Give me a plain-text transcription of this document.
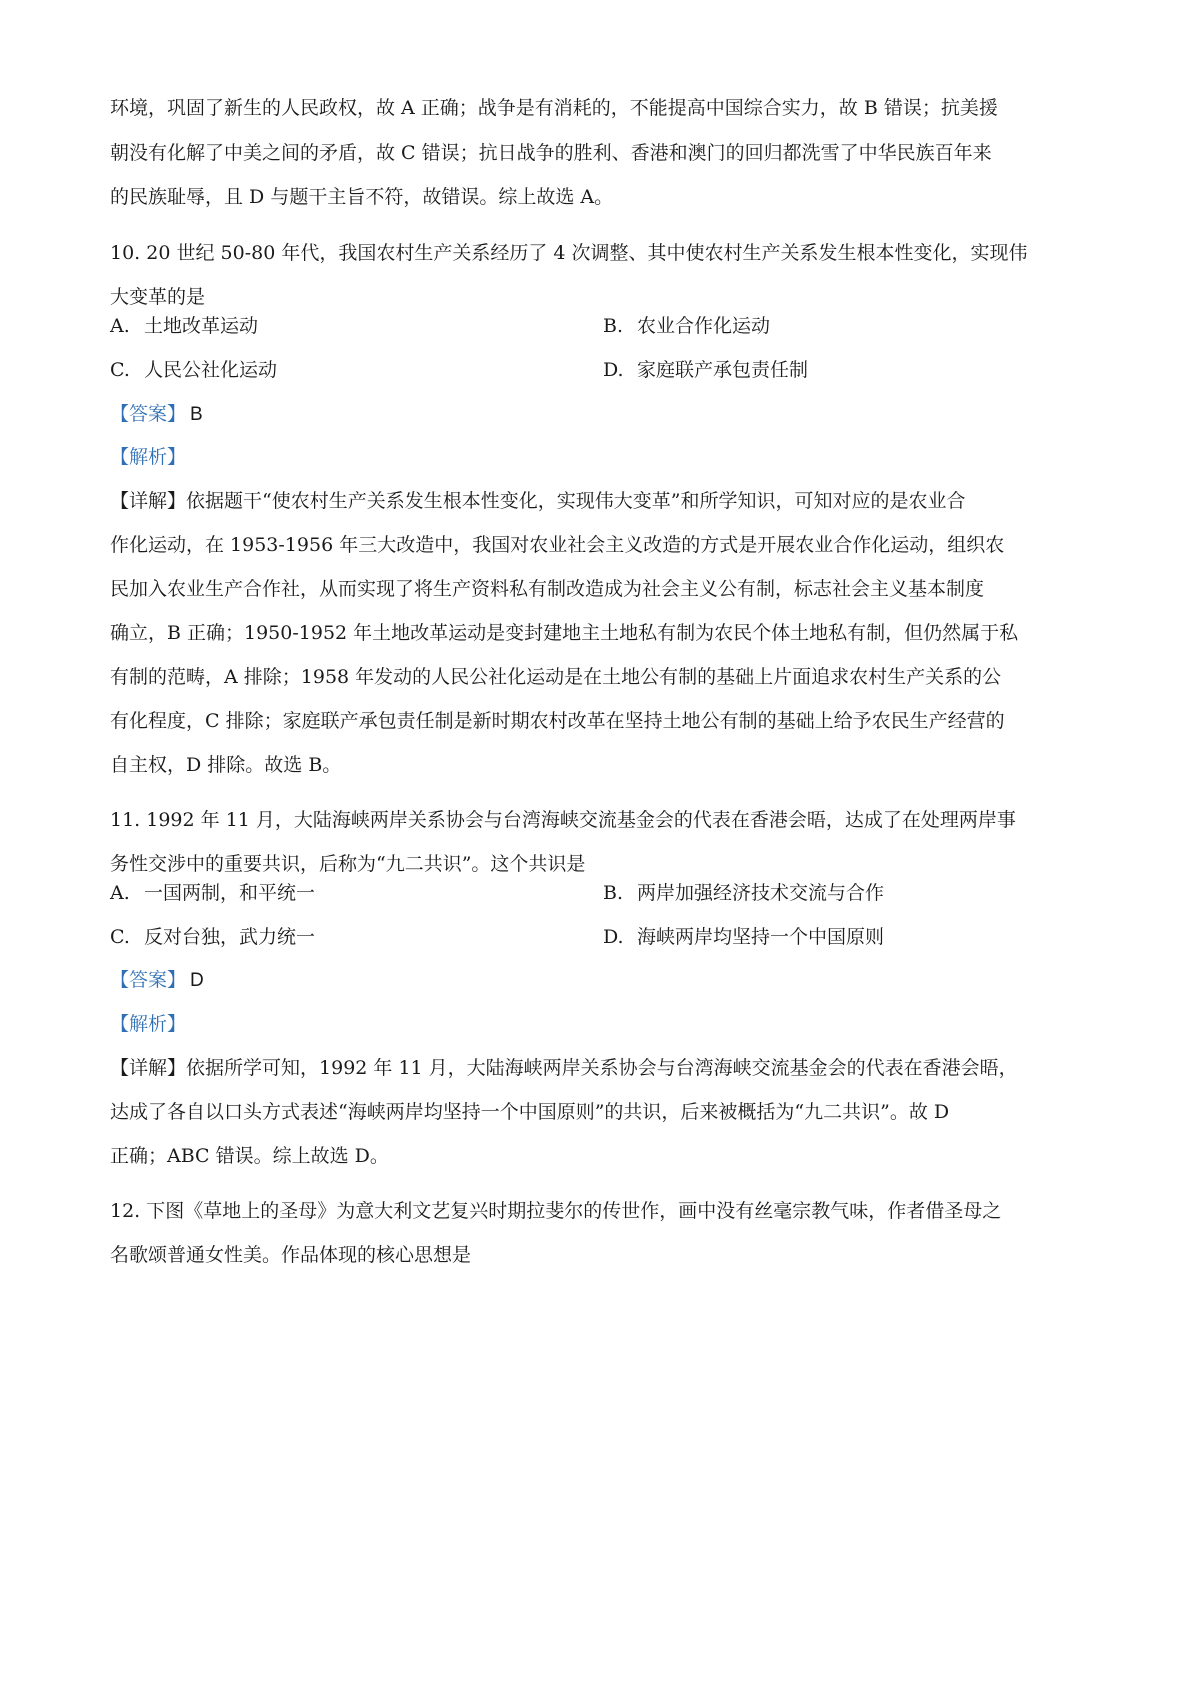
环境，巩固了新生的人民政权，故 A 正确；战争是有消耗的，不能提高中国综合实力，故 B 错误；抗美援
朝没有化解了中美之间的矛盾，故 C 错误；抗日战争的胜利、香港和澳门的回归都洗雪了中华民族百年来
的民族耻辱，且 D 与题干主旨不符，故错误。综上故选 A。
10. 20 世纪 50-80 年代，我国农村生产关系经历了 4 次调整、其中使农村生产关系发生根本性变化，实现伟
大变革的是
A. 土地改革运动	B. 农业合作化运动
C. 人民公社化运动	D. 家庭联产承包责任制
【答案】 B
【解析】
【详解】依据题干“使农村生产关系发生根本性变化，实现伟大变革”和所学知识，可知对应的是农业合
作化运动，在 1953-1956 年三大改造中，我国对农业社会主义改造的方式是开展农业合作化运动，组织农
民加入农业生产合作社，从而实现了将生产资料私有制改造成为社会主义公有制，标志社会主义基本制度
确立，B 正确；1950-1952 年土地改革运动是变封建地主土地私有制为农民个体土地私有制，但仍然属于私
有制的范畴，A 排除；1958 年发动的人民公社化运动是在土地公有制的基础上片面追求农村生产关系的公
有化程度，C 排除；家庭联产承包责任制是新时期农村改革在坚持土地公有制的基础上给予农民生产经营的
自主权，D 排除。故选 B。
11. 1992 年 11 月，大陆海峡两岸关系协会与台湾海峡交流基金会的代表在香港会晤，达成了在处理两岸事
务性交涉中的重要共识，后称为“九二共识”。这个共识是
A. 一国两制，和平统一	B. 两岸加强经济技术交流与合作
C. 反对台独，武力统一	D. 海峡两岸均坚持一个中国原则
【答案】 D
【解析】
【详解】依据所学可知，1992 年 11 月，大陆海峡两岸关系协会与台湾海峡交流基金会的代表在香港会晤，
达成了各自以口头方式表述“海峡两岸均坚持一个中国原则”的共识，后来被概括为“九二共识”。故 D
正确；ABC 错误。综上故选 D。
12. 下图《草地上的圣母》为意大利文艺复兴时期拉斐尔的传世作，画中没有丝毫宗教气味，作者借圣母之
名歌颂普通女性美。作品体现的核心思想是
